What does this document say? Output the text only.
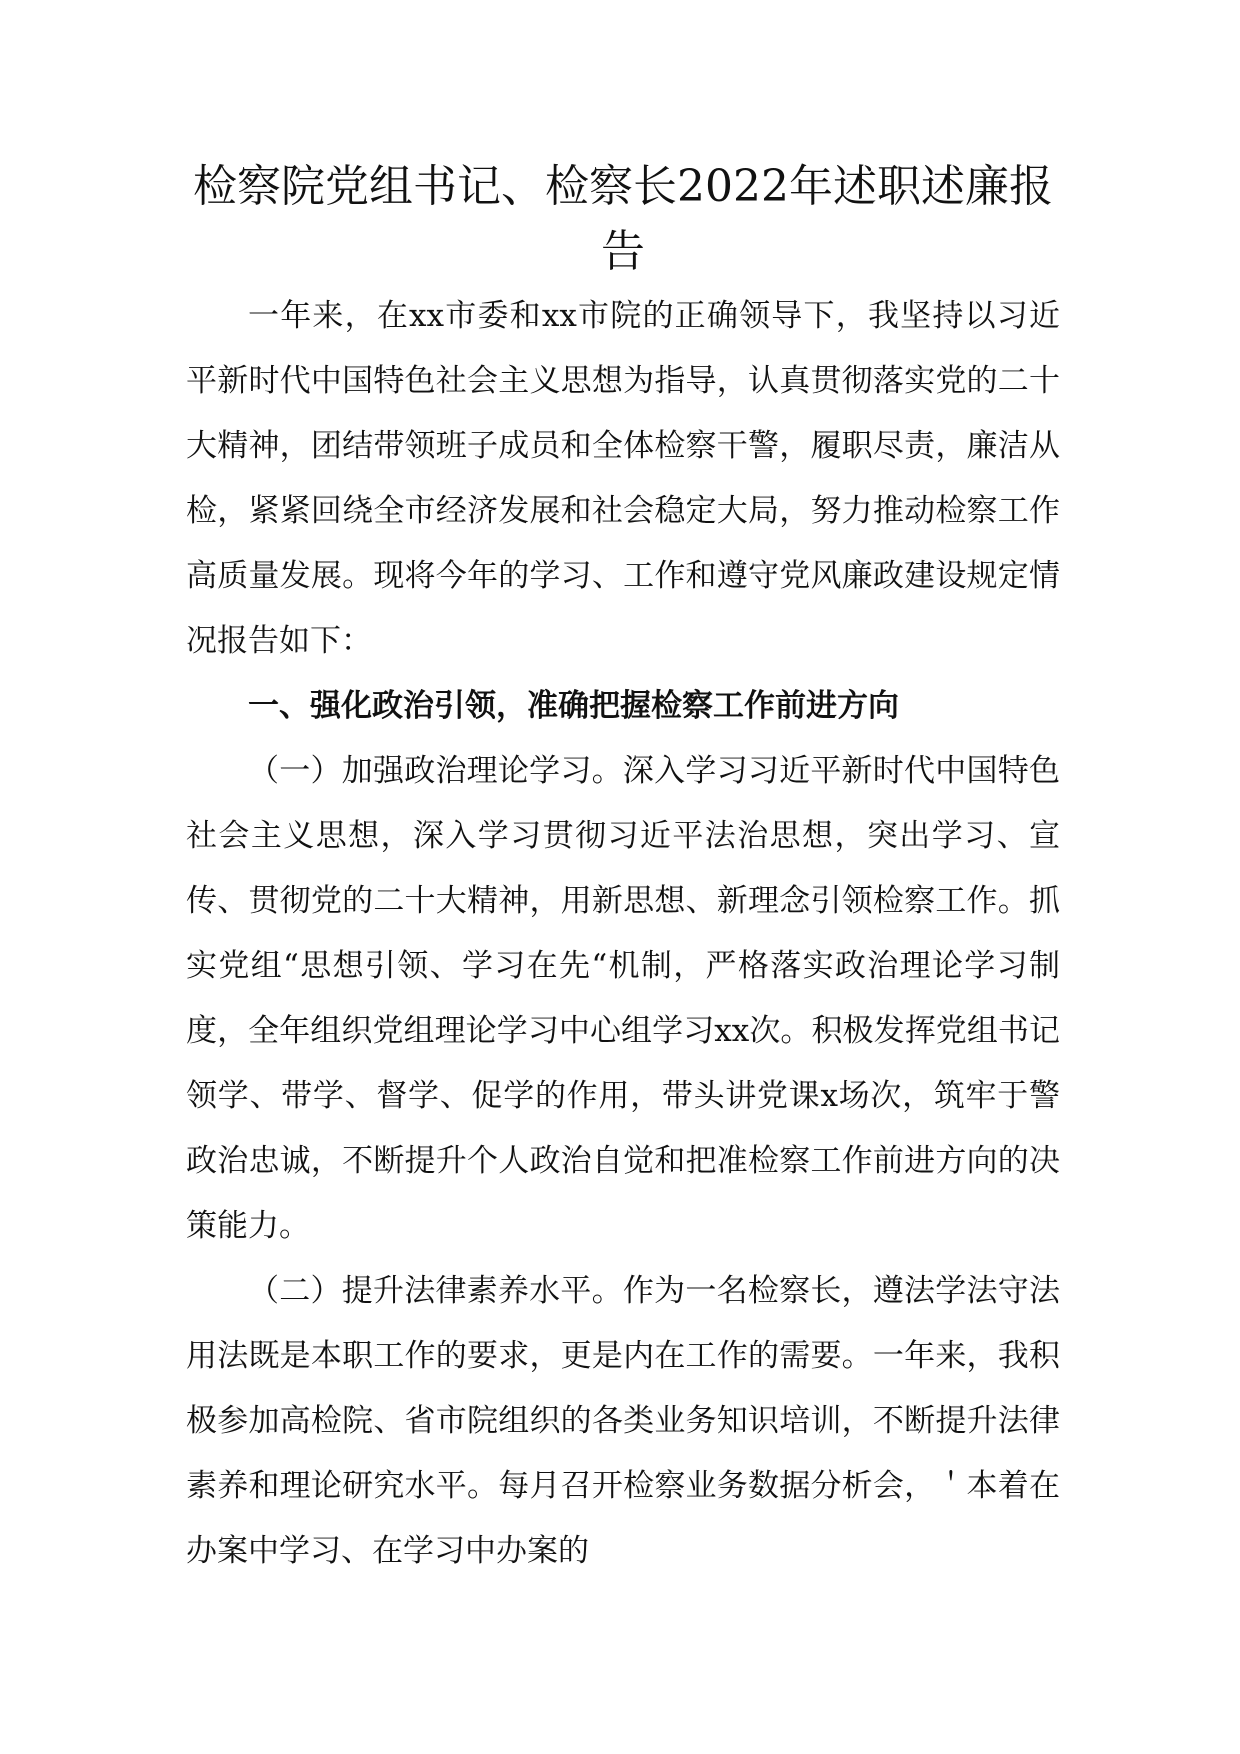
检察院党组书记、检察长2022年述职述廉报告

一年来，在xx市委和xx市院的正确领导下，我坚持以习近平新时代中国特色社会主义思想为指导，认真贯彻落实党的二十大精神，团结带领班子成员和全体检察干警，履职尽责，廉洁从检，紧紧回绕全市经济发展和社会稳定大局，努力推动检察工作高质量发展。现将今年的学习、工作和遵守党风廉政建设规定情况报告如下：

一、强化政治引领，准确把握检察工作前进方向

（一）加强政治理论学习。深入学习习近平新时代中国特色社会主义思想，深入学习贯彻习近平法治思想，突出学习、宣传、贯彻党的二十大精神，用新思想、新理念引领检察工作。抓实党组“思想引领、学习在先“机制，严格落实政治理论学习制度，全年组织党组理论学习中心组学习xx次。积极发挥党组书记领学、带学、督学、促学的作用，带头讲党课x场次，筑牢于警政治忠诚，不断提升个人政治自觉和把准检察工作前进方向的决策能力。

（二）提升法律素养水平。作为一名检察长，遵法学法守法用法既是本职工作的要求，更是内在工作的需要。一年来，我积极参加高检院、省市院组织的各类业务知识培训，不断提升法律素养和理论研究水平。每月召开检察业务数据分析会，＇本着在办案中学习、在学习中办案的
